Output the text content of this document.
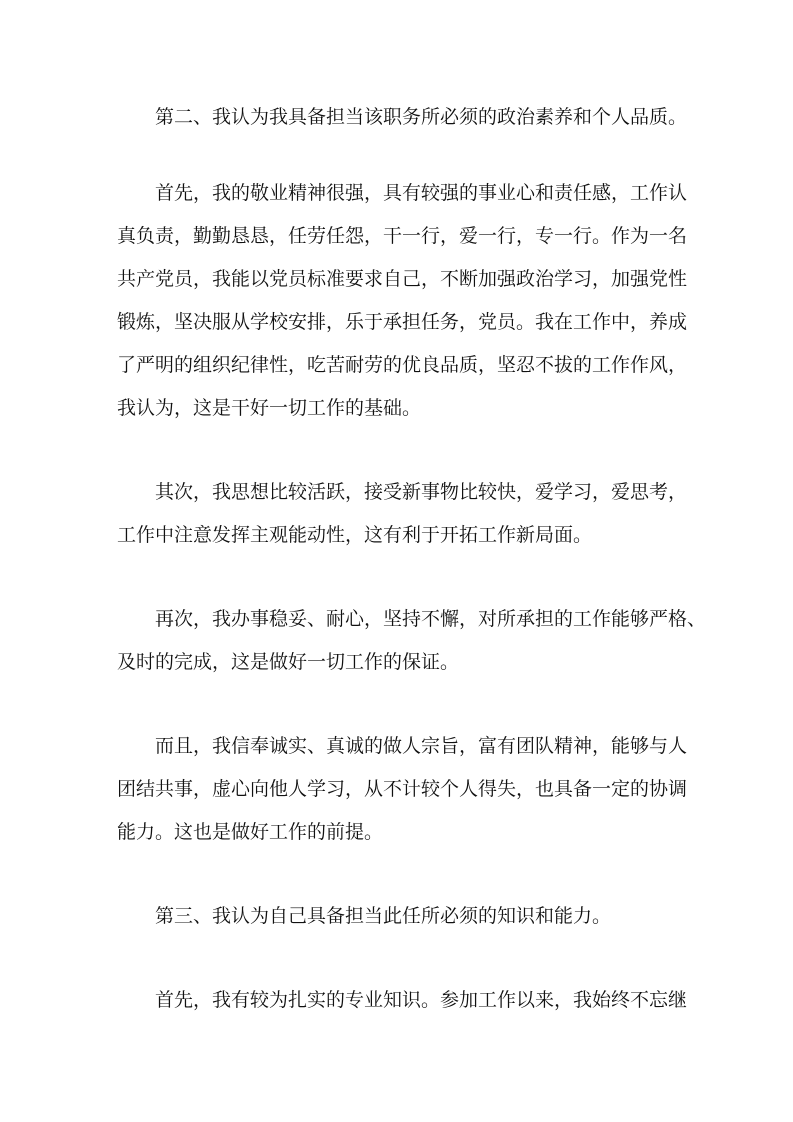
第二、我认为我具备担当该职务所必须的政治素养和个人品质。
首先，我的敬业精神很强，具有较强的事业心和责任感，工作认
真负责，勤勤恳恳，任劳任怨，干一行，爱一行，专一行。作为一名
共产党员，我能以党员标准要求自己，不断加强政治学习，加强党性
锻炼，坚决服从学校安排，乐于承担任务，党员。我在工作中，养成
了严明的组织纪律性，吃苦耐劳的优良品质，坚忍不拔的工作作风，
我认为，这是干好一切工作的基础。
其次，我思想比较活跃，接受新事物比较快，爱学习，爱思考，
工作中注意发挥主观能动性，这有利于开拓工作新局面。
再次，我办事稳妥、耐心，坚持不懈，对所承担的工作能够严格、
及时的完成，这是做好一切工作的保证。
而且，我信奉诚实、真诚的做人宗旨，富有团队精神，能够与人
团结共事，虚心向他人学习，从不计较个人得失，也具备一定的协调
能力。这也是做好工作的前提。
第三、我认为自己具备担当此任所必须的知识和能力。
首先，我有较为扎实的专业知识。参加工作以来，我始终不忘继
